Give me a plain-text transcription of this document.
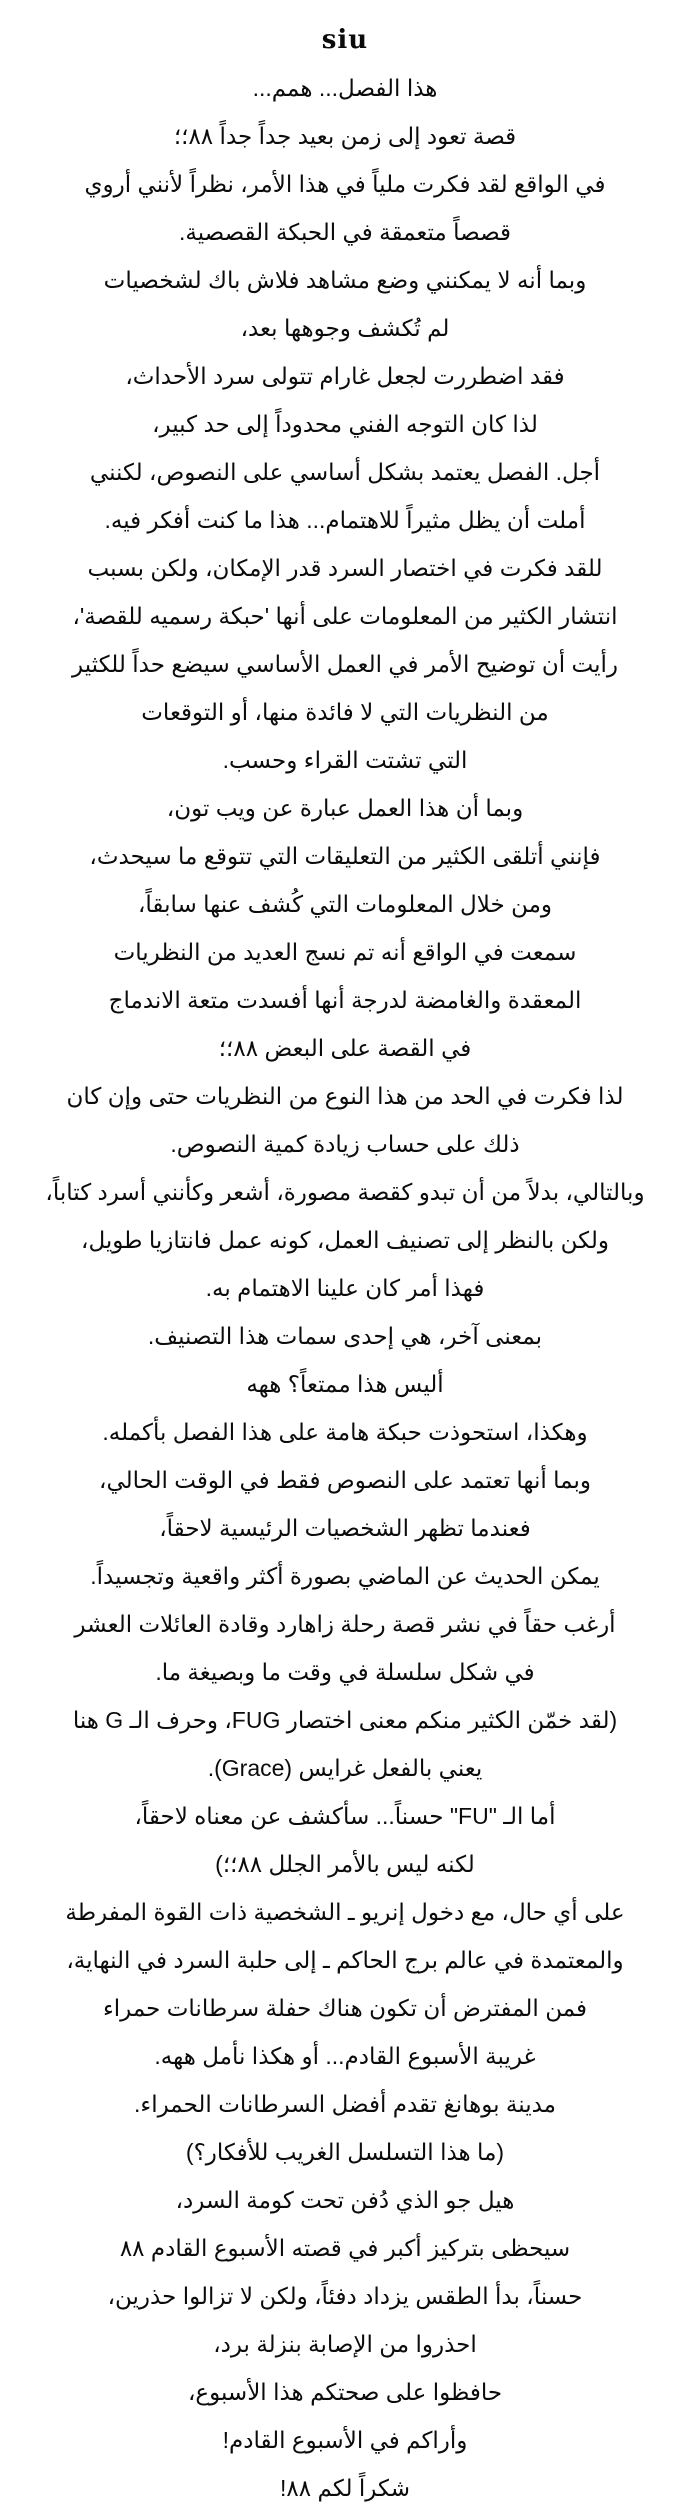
siu

هذا الفصل... همم...

قصة تعود إلى زمن بعيد جداً جداً ٨٨؛؛

في الواقع لقد فكرت ملياً في هذا الأمر، نظراً لأنني أروي

قصصاً متعمقة في الحبكة القصصية.

وبما أنه لا يمكنني وضع مشاهد فلاش باك لشخصيات

لم تُكشف وجوهها بعد،

فقد اضطررت لجعل غارام تتولى سرد الأحداث،

لذا كان التوجه الفني محدوداً إلى حد كبير،

أجل. الفصل يعتمد بشكل أساسي على النصوص، لكنني

أملت أن يظل مثيراً للاهتمام... هذا ما كنت أفكر فيه.

للقد فكرت في اختصار السرد قدر الإمكان، ولكن بسبب

انتشار الكثير من المعلومات على أنها 'حبكة رسميه للقصة'،

رأيت أن توضيح الأمر في العمل الأساسي سيضع حداً للكثير

من النظريات التي لا فائدة منها، أو التوقعات

التي تشتت القراء وحسب.

وبما أن هذا العمل عبارة عن ويب تون،

فإنني أتلقى الكثير من التعليقات التي تتوقع ما سيحدث،

ومن خلال المعلومات التي كُشف عنها سابقاً،

سمعت في الواقع أنه تم نسج العديد من النظريات

المعقدة والغامضة لدرجة أنها أفسدت متعة الاندماج

في القصة على البعض ٨٨؛؛

لذا فكرت في الحد من هذا النوع من النظريات حتى وإن كان

ذلك على حساب زيادة كمية النصوص.

وبالتالي، بدلاً من أن تبدو كقصة مصورة، أشعر وكأنني أسرد كتاباً،

ولكن بالنظر إلى تصنيف العمل، كونه عمل فانتازيا طويل،

فهذا أمر كان علينا الاهتمام به.

بمعنى آخر، هي إحدى سمات هذا التصنيف.

أليس هذا ممتعاً؟ ههه

وهكذا، استحوذت حبكة هامة على هذا الفصل بأكمله.

وبما أنها تعتمد على النصوص فقط في الوقت الحالي،

فعندما تظهر الشخصيات الرئيسية لاحقاً،

يمكن الحديث عن الماضي بصورة أكثر واقعية وتجسيداً.

أرغب حقاً في نشر قصة رحلة زاهارد وقادة العائلات العشر

في شكل سلسلة في وقت ما وبصيغة ما.

(لقد خمّن الكثير منكم معنى اختصار FUG، وحرف الـ G هنا

يعني بالفعل غرايس (Grace).

أما الـ "FU" حسناً... سأكشف عن معناه لاحقاً،

لكنه ليس بالأمر الجلل ٨٨؛؛)

على أي حال، مع دخول إنريو ـ الشخصية ذات القوة المفرطة

والمعتمدة في عالم برج الحاكم ـ إلى حلبة السرد في النهاية،

فمن المفترض أن تكون هناك حفلة سرطانات حمراء

غريبة الأسبوع القادم... أو هكذا نأمل ههه.

مدينة بوهانغ تقدم أفضل السرطانات الحمراء.

(ما هذا التسلسل الغريب للأفكار؟)

هيل جو الذي دُفن تحت كومة السرد،

سيحظى بتركيز أكبر في قصته الأسبوع القادم ٨٨

حسناً، بدأ الطقس يزداد دفئاً، ولكن لا تزالوا حذرين،

احذروا من الإصابة بنزلة برد،

حافظوا على صحتكم هذا الأسبوع،

وأراكم في الأسبوع القادم!

شكراً لكم ٨٨!
